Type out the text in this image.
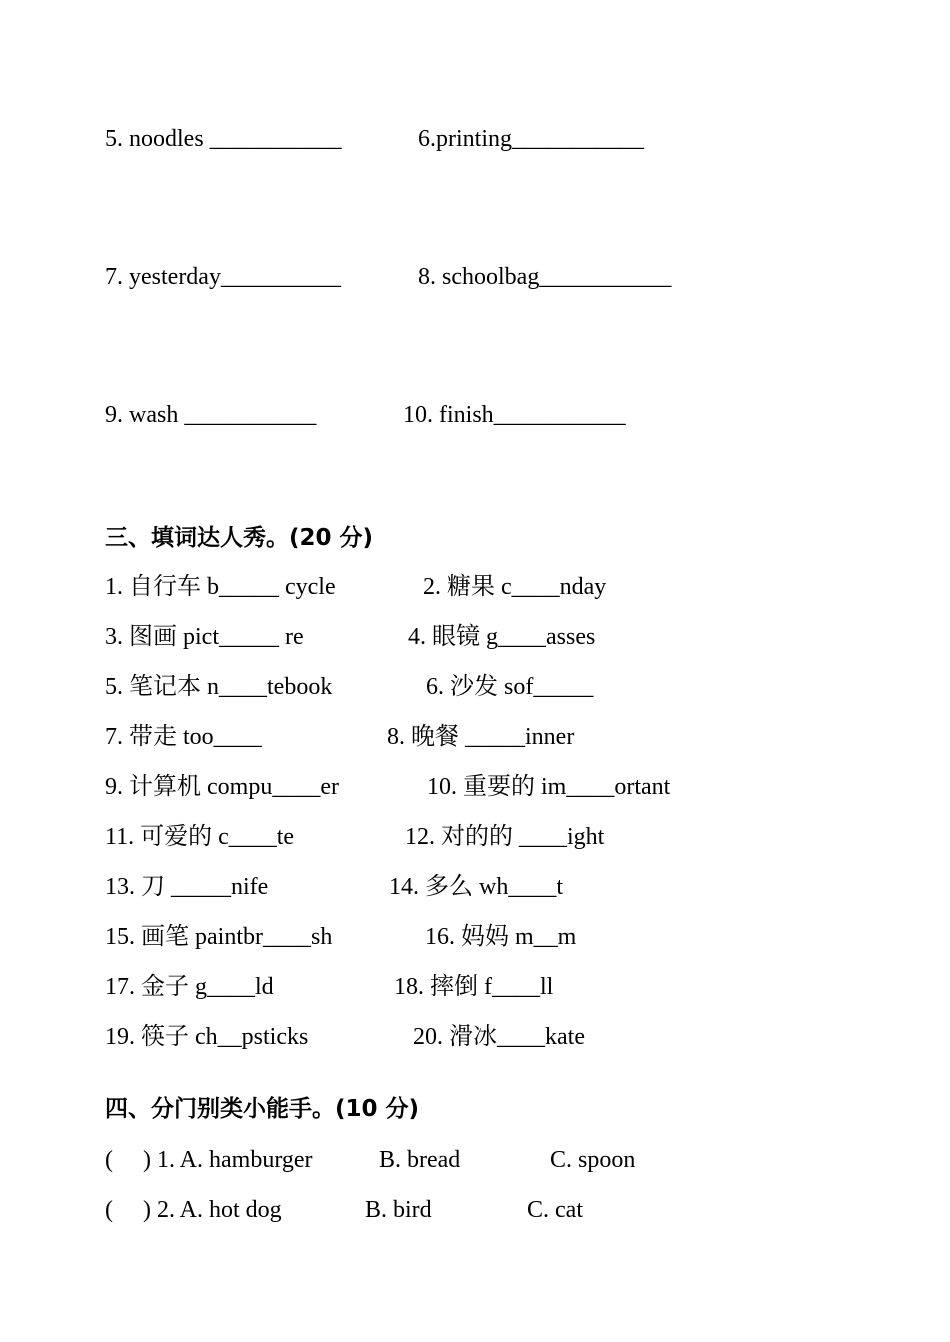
5. noodles ___________	6.printing___________
7. yesterday__________	8. schoolbag___________
9. wash ___________	10. finish___________
三、填词达人秀。(20 分)
1. 自行车 b_____ cycle	2. 糖果 c____nday
3. 图画 pict_____ re	4. 眼镜 g____asses
5. 笔记本 n____tebook	6. 沙发 sof_____
7. 带走 too____	8. 晚餐 _____inner
9. 计算机 compu____er	10. 重要的 im____ortant
11. 可爱的 c____te	12. 对的的 ____ight
13. 刀 _____nife	14. 多么 wh____t
15. 画笔 paintbr____sh	16. 妈妈 m__m
17. 金子 g____ld	18. 摔倒 f____ll
19. 筷子 ch__psticks	20. 滑冰____kate
四、分门别类小能手。(10 分)
(     ) 1. A. hamburger	B. bread	C. spoon
(     ) 2. A. hot dog	B. bird	C. cat
